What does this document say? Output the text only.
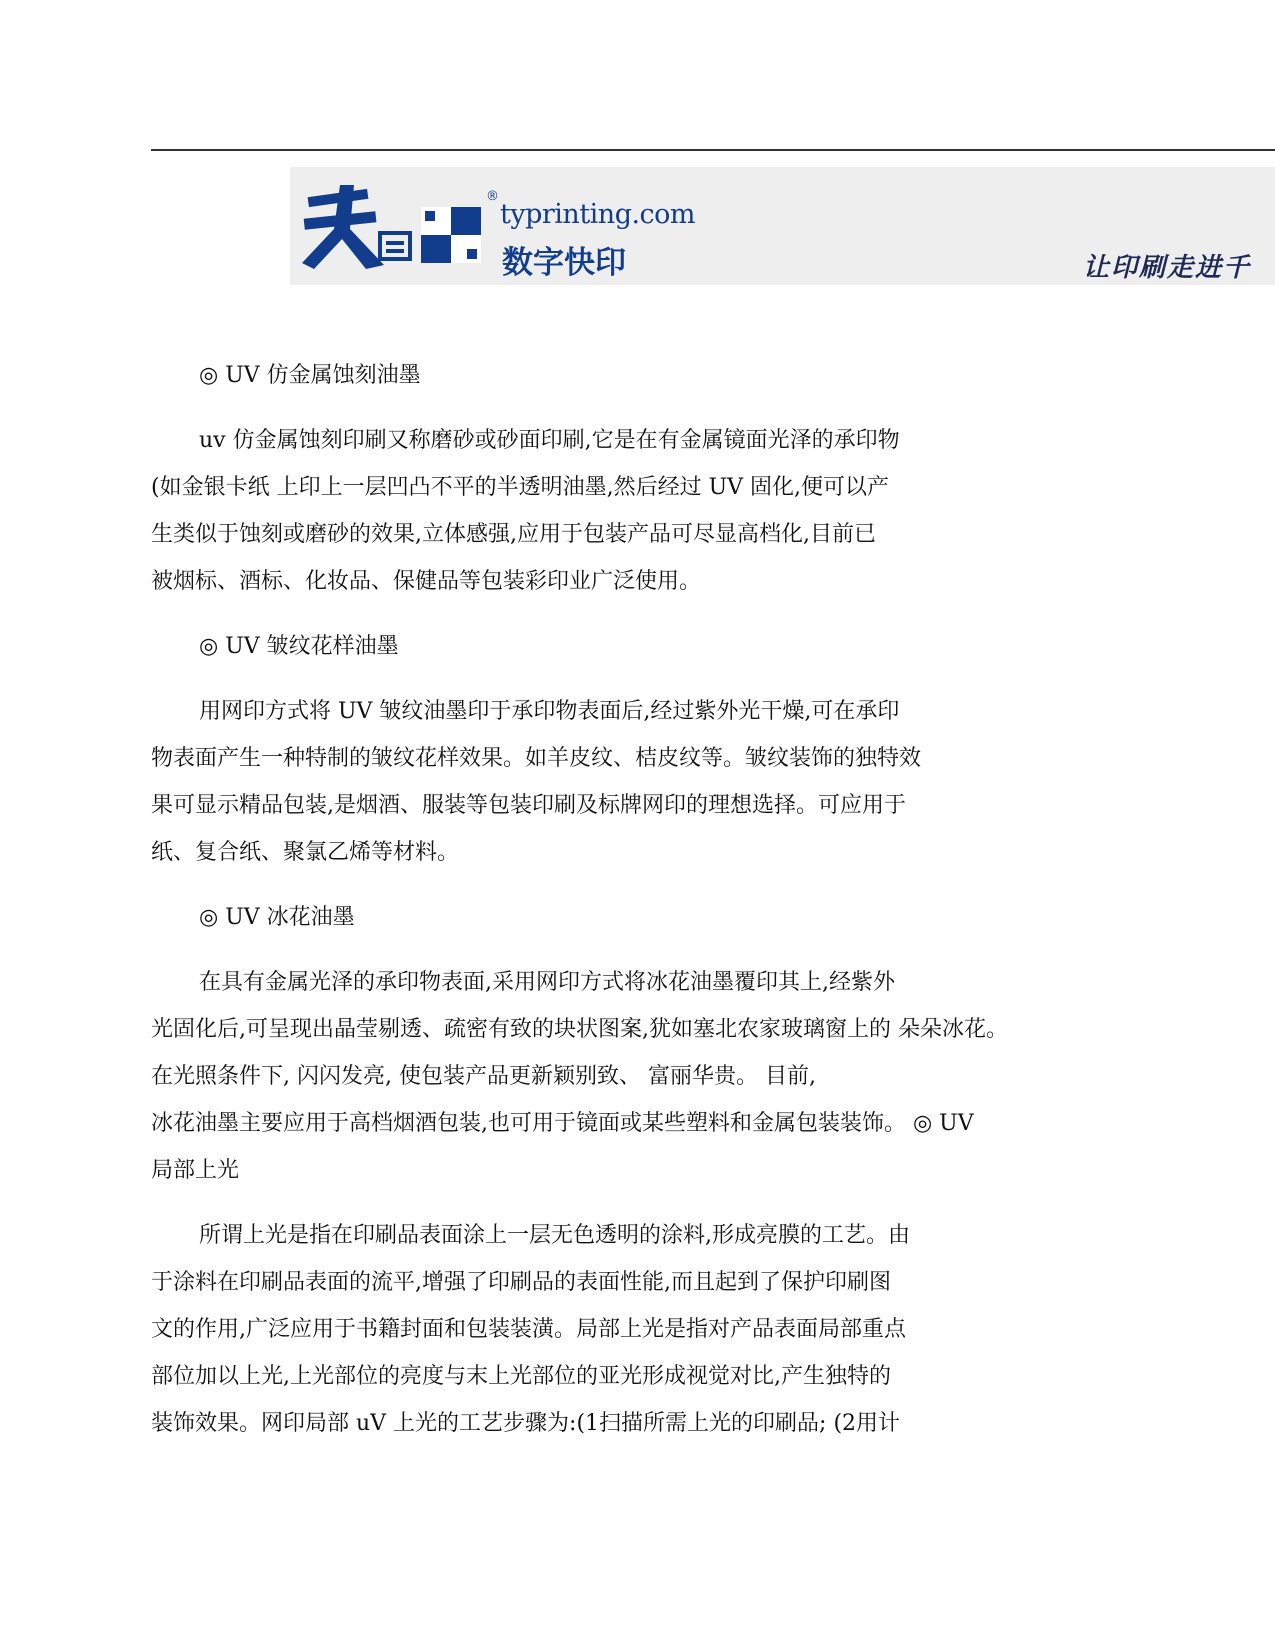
®
typrinting.com
数字快印	让印刷走进千
◎ UV 仿金属蚀刻油墨
uv 仿金属蚀刻印刷又称磨砂或砂面印刷,它是在有金属镜面光泽的承印物
(如金银卡纸 上印上一层凹凸不平的半透明油墨,然后经过 UV 固化,便可以产
生类似于蚀刻或磨砂的效果,立体感强,应用于包装产品可尽显高档化,目前已
被烟标、酒标、化妆品、保健品等包装彩印业广泛使用。
◎ UV 皱纹花样油墨
用网印方式将 UV 皱纹油墨印于承印物表面后,经过紫外光干燥,可在承印
物表面产生一种特制的皱纹花样效果。如羊皮纹、桔皮纹等。皱纹装饰的独特效
果可显示精品包装,是烟酒、服装等包装印刷及标牌网印的理想选择。可应用于
纸、复合纸、聚氯乙烯等材料。
◎ UV 冰花油墨
在具有金属光泽的承印物表面,采用网印方式将冰花油墨覆印其上,经紫外
光固化后,可呈现出晶莹剔透、疏密有致的块状图案,犹如塞北农家玻璃窗上的 朵朵冰花。
在光照条件下, 闪闪发亮, 使包装产品更新颖别致、 富丽华贵。 目前,
冰花油墨主要应用于高档烟酒包装,也可用于镜面或某些塑料和金属包装装饰。 ◎ UV
局部上光
所谓上光是指在印刷品表面涂上一层无色透明的涂料,形成亮膜的工艺。由
于涂料在印刷品表面的流平,增强了印刷品的表面性能,而且起到了保护印刷图
文的作用,广泛应用于书籍封面和包装装潢。局部上光是指对产品表面局部重点
部位加以上光,上光部位的亮度与末上光部位的亚光形成视觉对比,产生独特的
装饰效果。网印局部 uV 上光的工艺步骤为:(1扫描所需上光的印刷品; (2用计
